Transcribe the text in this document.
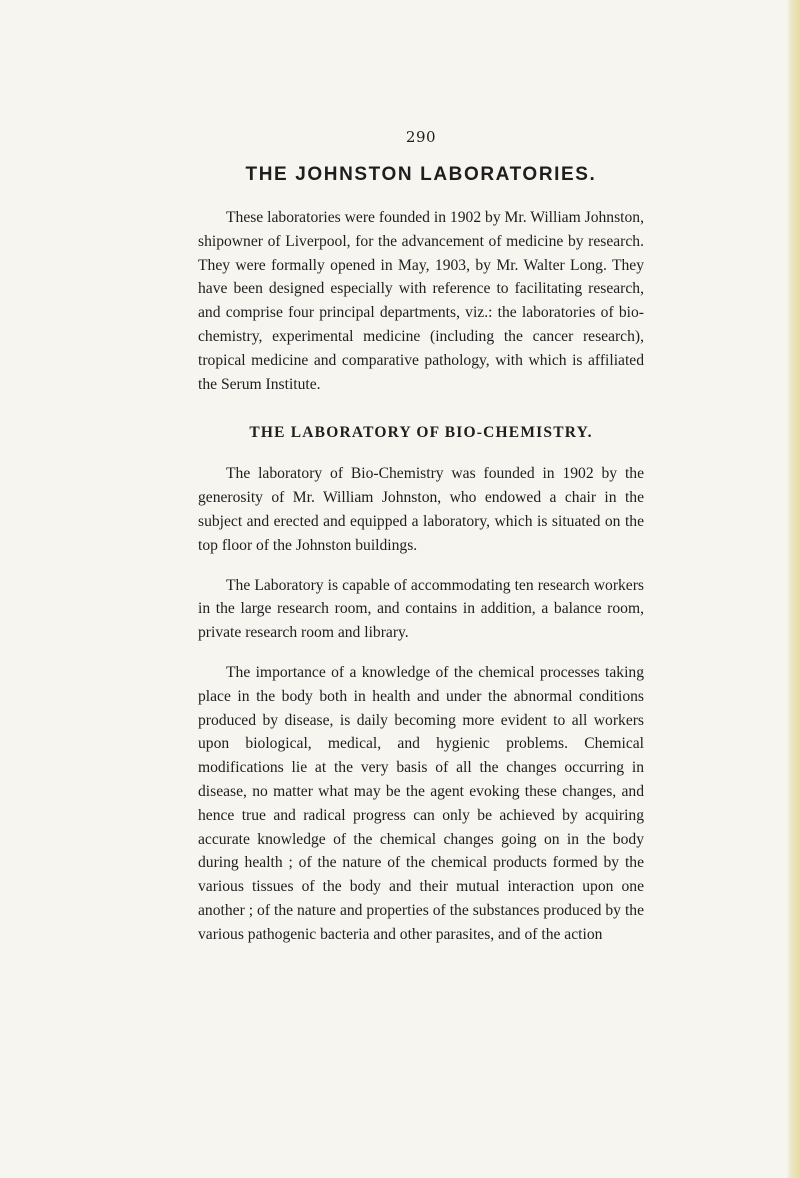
290
THE JOHNSTON LABORATORIES.

These laboratories were founded in 1902 by Mr. William Johnston, shipowner of Liverpool, for the advancement of medicine by research. They were formally opened in May, 1903, by Mr. Walter Long. They have been designed especially with reference to facilitating research, and comprise four principal departments, viz.: the laboratories of bio-chemistry, experimental medicine (including the cancer research), tropical medicine and comparative pathology, with which is affiliated the Serum Institute.

THE LABORATORY OF BIO-CHEMISTRY.

The laboratory of Bio-Chemistry was founded in 1902 by the generosity of Mr. William Johnston, who endowed a chair in the subject and erected and equipped a laboratory, which is situated on the top floor of the Johnston buildings.

The Laboratory is capable of accommodating ten research workers in the large research room, and contains in addition, a balance room, private research room and library.

The importance of a knowledge of the chemical processes taking place in the body both in health and under the abnormal conditions produced by disease, is daily becoming more evident to all workers upon biological, medical, and hygienic problems. Chemical modifications lie at the very basis of all the changes occurring in disease, no matter what may be the agent evoking these changes, and hence true and radical progress can only be achieved by acquiring accurate knowledge of the chemical changes going on in the body during health ; of the nature of the chemical products formed by the various tissues of the body and their mutual interaction upon one another ; of the nature and properties of the substances produced by the various pathogenic bacteria and other parasites, and of the action
